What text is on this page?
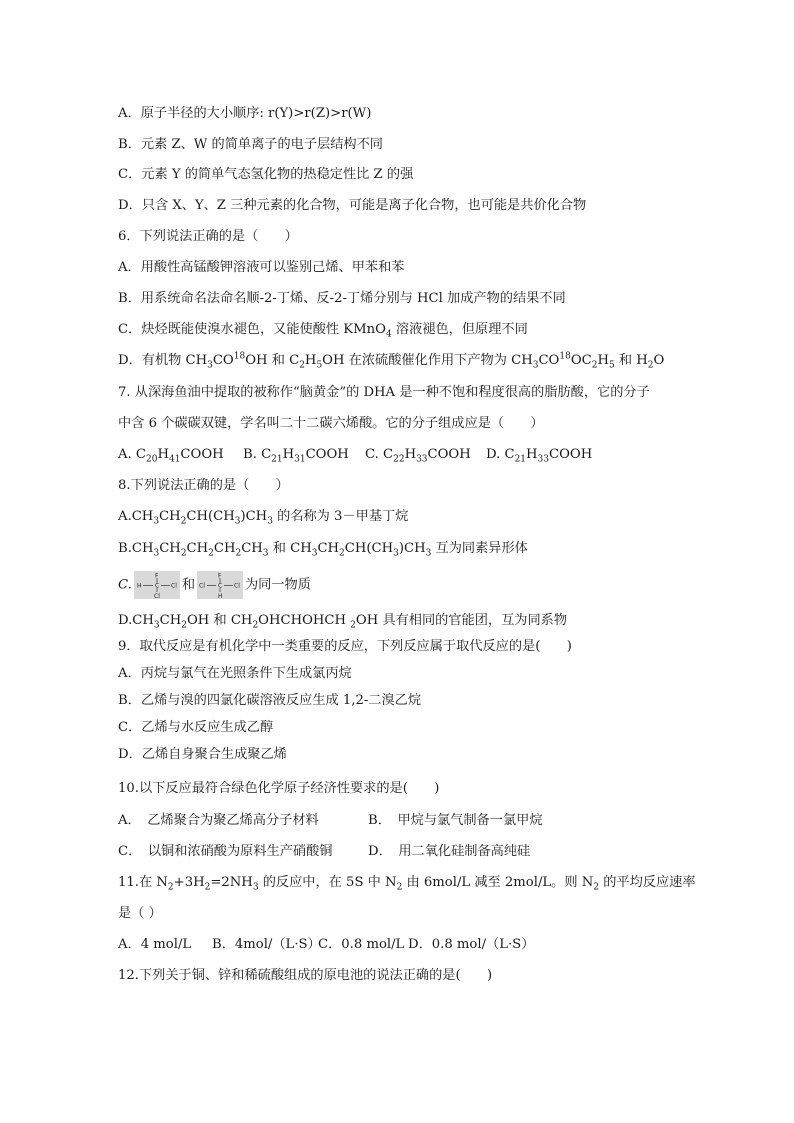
A．原子半径的大小顺序: r(Y)>r(Z)>r(W)

B．元素 Z、W 的简单离子的电子层结构不同

C．元素 Y 的简单气态氢化物的热稳定性比 Z 的强

D．只含 X、Y、Z 三种元素的化合物，可能是离子化合物，也可能是共价化合物

6．下列说法正确的是（　　）

A．用酸性高锰酸钾溶液可以鉴别己烯、甲苯和苯

B．用系统命名法命名顺-2-丁烯、反-2-丁烯分别与 HCl 加成产物的结果不同

C．炔烃既能使溴水褪色，又能使酸性 KMnO$_4$ 溶液褪色，但原理不同

D．有机物 $CH_3CO^{18}OH$ 和 $C_2H_5OH$ 在浓硫酸催化作用下产物为 $CH_3CO^{18}OC_2H_5$ 和 $H_2O$

7. 从深海鱼油中提取的被称作“脑黄金”的 DHA 是一种不饱和程度很高的脂肪酸，它的分子

中含 6 个碳碳双键，学名叫二十二碳六烯酸。它的分子组成应是（　　）

A. $C_{20}H_{41}COOH$ B. $C_{21}H_{31}COOH$ C. $C_{22}H_{33}COOH$ D. $C_{21}H_{33}COOH$

8.下列说法正确的是（　　）

$A.CH_3CH_2CH(CH_3)CH_3$ 的名称为 3－甲基丁烷

$B.CH_3CH_2CH_2CH_2CH_3$ 和 $CH_3CH_2CH(CH_3)CH_3$ 互为同素异形体

C.
F
H C Cl
Cl
和
F
Cl C Cl
H
为同一物质

$D.CH_3CH_2OH$ 和 $CH_2OHCHOHCH$ $_2$OH 具有相同的官能团，互为同系物

9．取代反应是有机化学中一类重要的反应，下列反应属于取代反应的是(　　)

A．丙烷与氯气在光照条件下生成氯丙烷

B．乙烯与溴的四氯化碳溶液反应生成 1,2-二溴乙烷

C．乙烯与水反应生成乙醇

D．乙烯自身聚合生成聚乙烯

10.以下反应最符合绿色化学原子经济性要求的是(　　)

A．　乙烯聚合为聚乙烯高分子材料	B．　甲烷与氯气制备一氯甲烷

C．　以铜和浓硝酸为原料生产硝酸铜	D．　用二氧化硅制备高纯硅

11.在 $N_2+3H_2=2NH_3$ 的反应中，在 5S 中 $N_2$ 由 6mol/L 减至 2mol/L。则 $N_2$ 的平均反应速率

是（ ）

A．4 mol/L B．4mol/（L·S）

C．0.8 mol/L D．0.8 mol/（L·S）

12.下列关于铜、锌和稀硫酸组成的原电池的说法正确的是(　　)
